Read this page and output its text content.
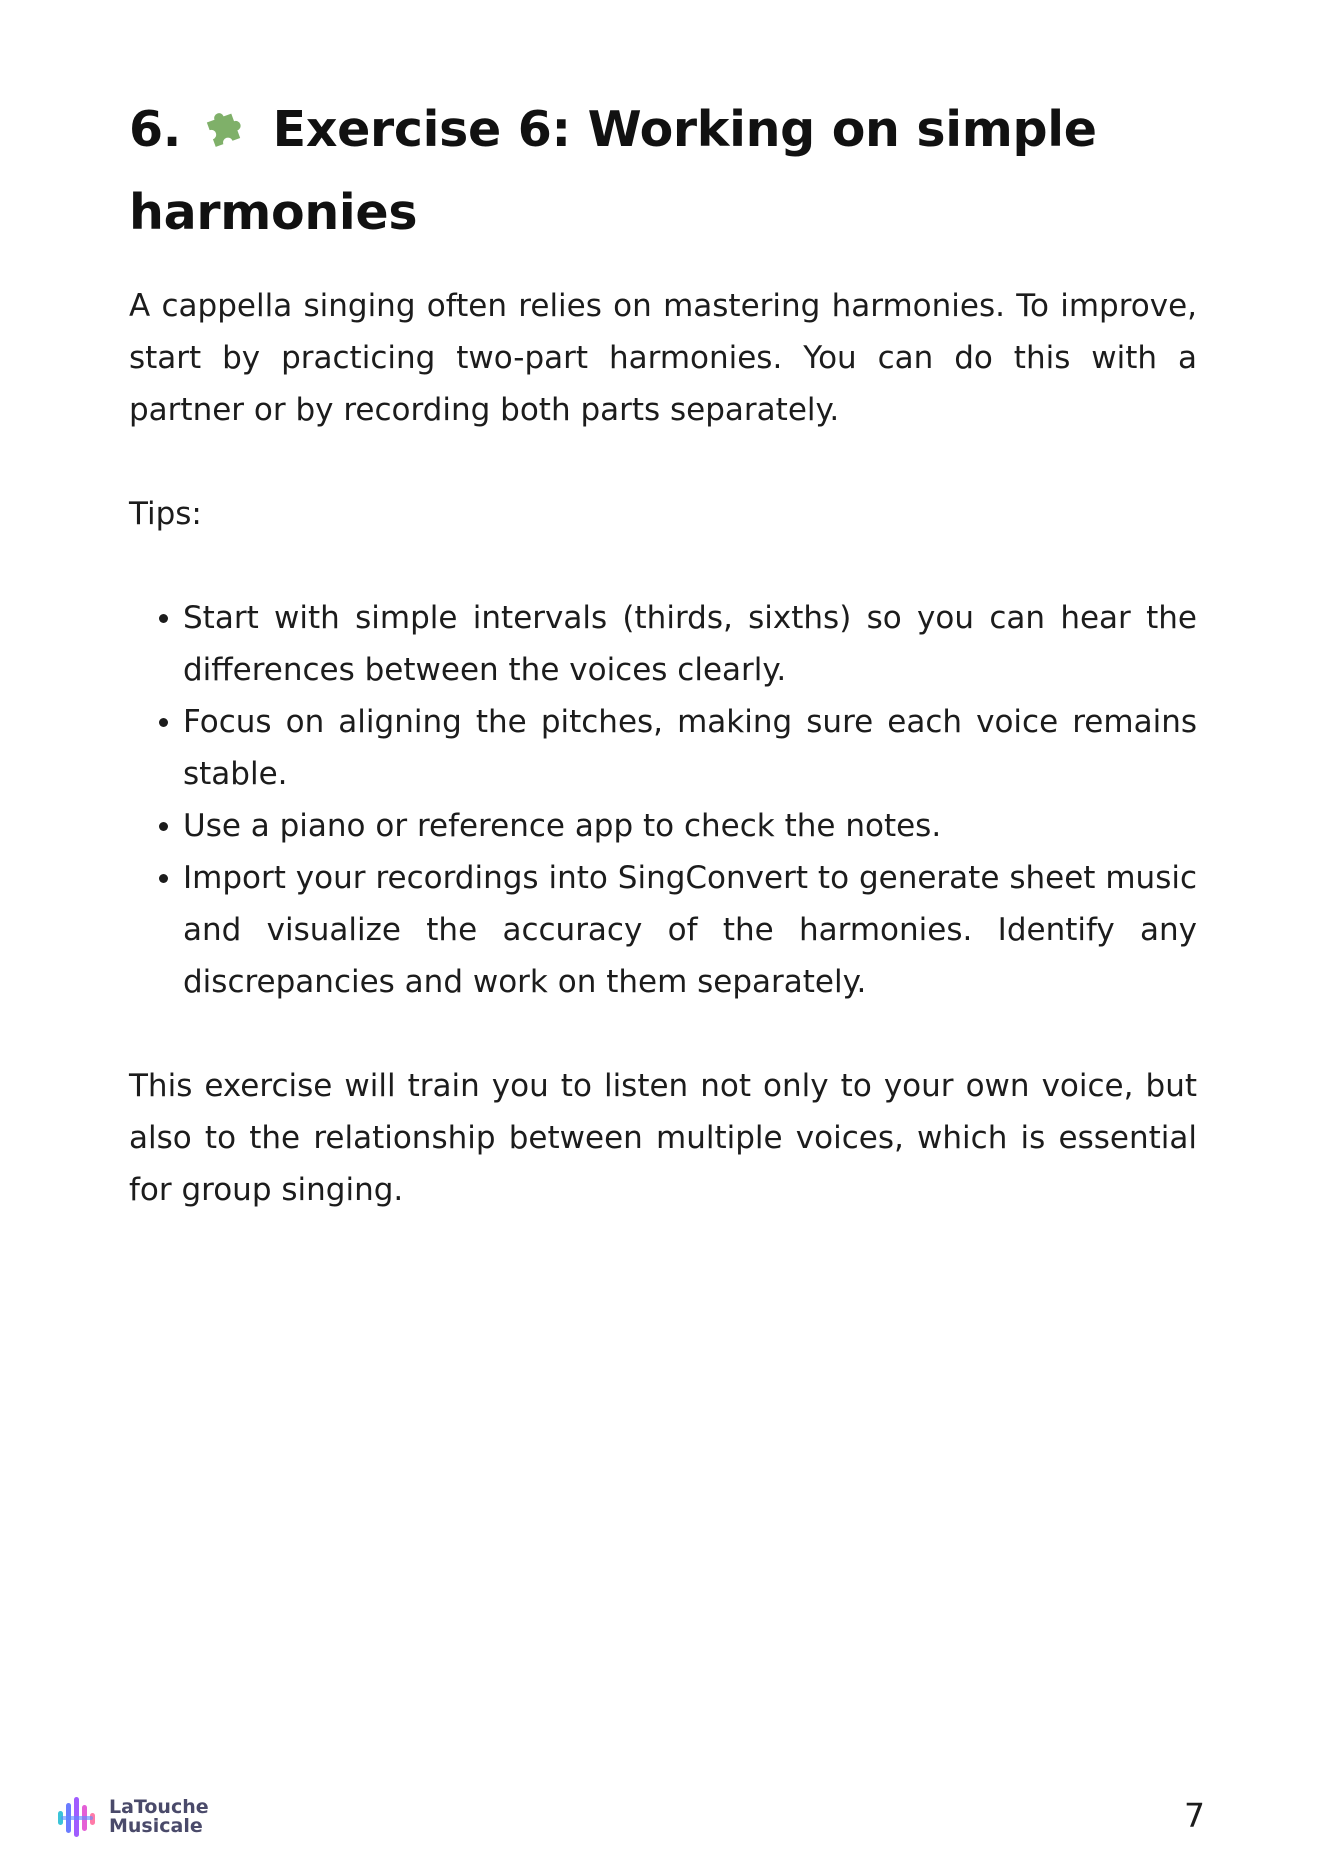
6. Exercise 6: Working on simple harmonies

A cappella singing often relies on mastering harmonies. To improve, start by practicing two-part harmonies. You can do this with a partner or by recording both parts separately.

Tips:

Start with simple intervals (thirds, sixths) so you can hear the differences between the voices clearly.
Focus on aligning the pitches, making sure each voice remains stable.
Use a piano or reference app to check the notes.
Import your recordings into SingConvert to generate sheet music and visualize the accuracy of the harmonies. Identify any discrepancies and work on them separately.

This exercise will train you to listen not only to your own voice, but also to the relationship between multiple voices, which is essential for group singing.

LaTouche
Musicale	7
